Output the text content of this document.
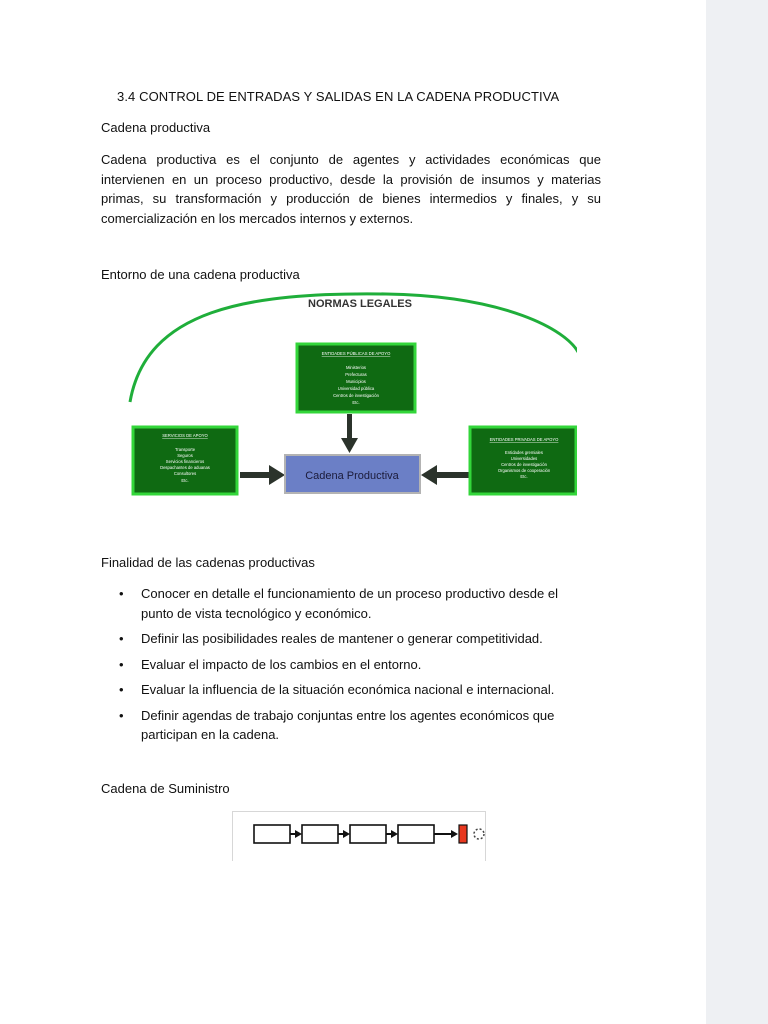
3.4 CONTROL DE ENTRADAS Y SALIDAS EN LA CADENA PRODUCTIVA
Cadena productiva
Cadena productiva es el conjunto de agentes y actividades económicas que intervienen en un proceso productivo, desde la provisión de insumos y materias primas, su transformación y producción de bienes intermedios y finales, y su comercialización en los mercados internos y externos.
Entorno de una cadena productiva
NORMAS LEGALES
ENTIDADES PÚBLICAS DE APOYO
Ministerios
Prefecturas
Municipios
Universidad pública
Centros de investigación
Etc.
SERVICIOS DE APOYO
Transporte
Seguros
Servicios financieros
Despachantes de aduanas
Consultores
Etc.	Cadena Productiva
ENTIDADES PRIVADAS DE APOYO
Entidades gremiales
Universidades
Centros de investigación
Organismos de cooperación
Etc.
Finalidad de las cadenas productivas
• Conocer en detalle el funcionamiento de un proceso productivo desde el punto de vista tecnológico y económico.
• Definir las posibilidades reales de mantener o generar competitividad.
• Evaluar el impacto de los cambios en el entorno.
• Evaluar la influencia de la situación económica nacional e internacional.
• Definir agendas de trabajo conjuntas entre los agentes económicos que participan en la cadena.
Cadena de Suministro
